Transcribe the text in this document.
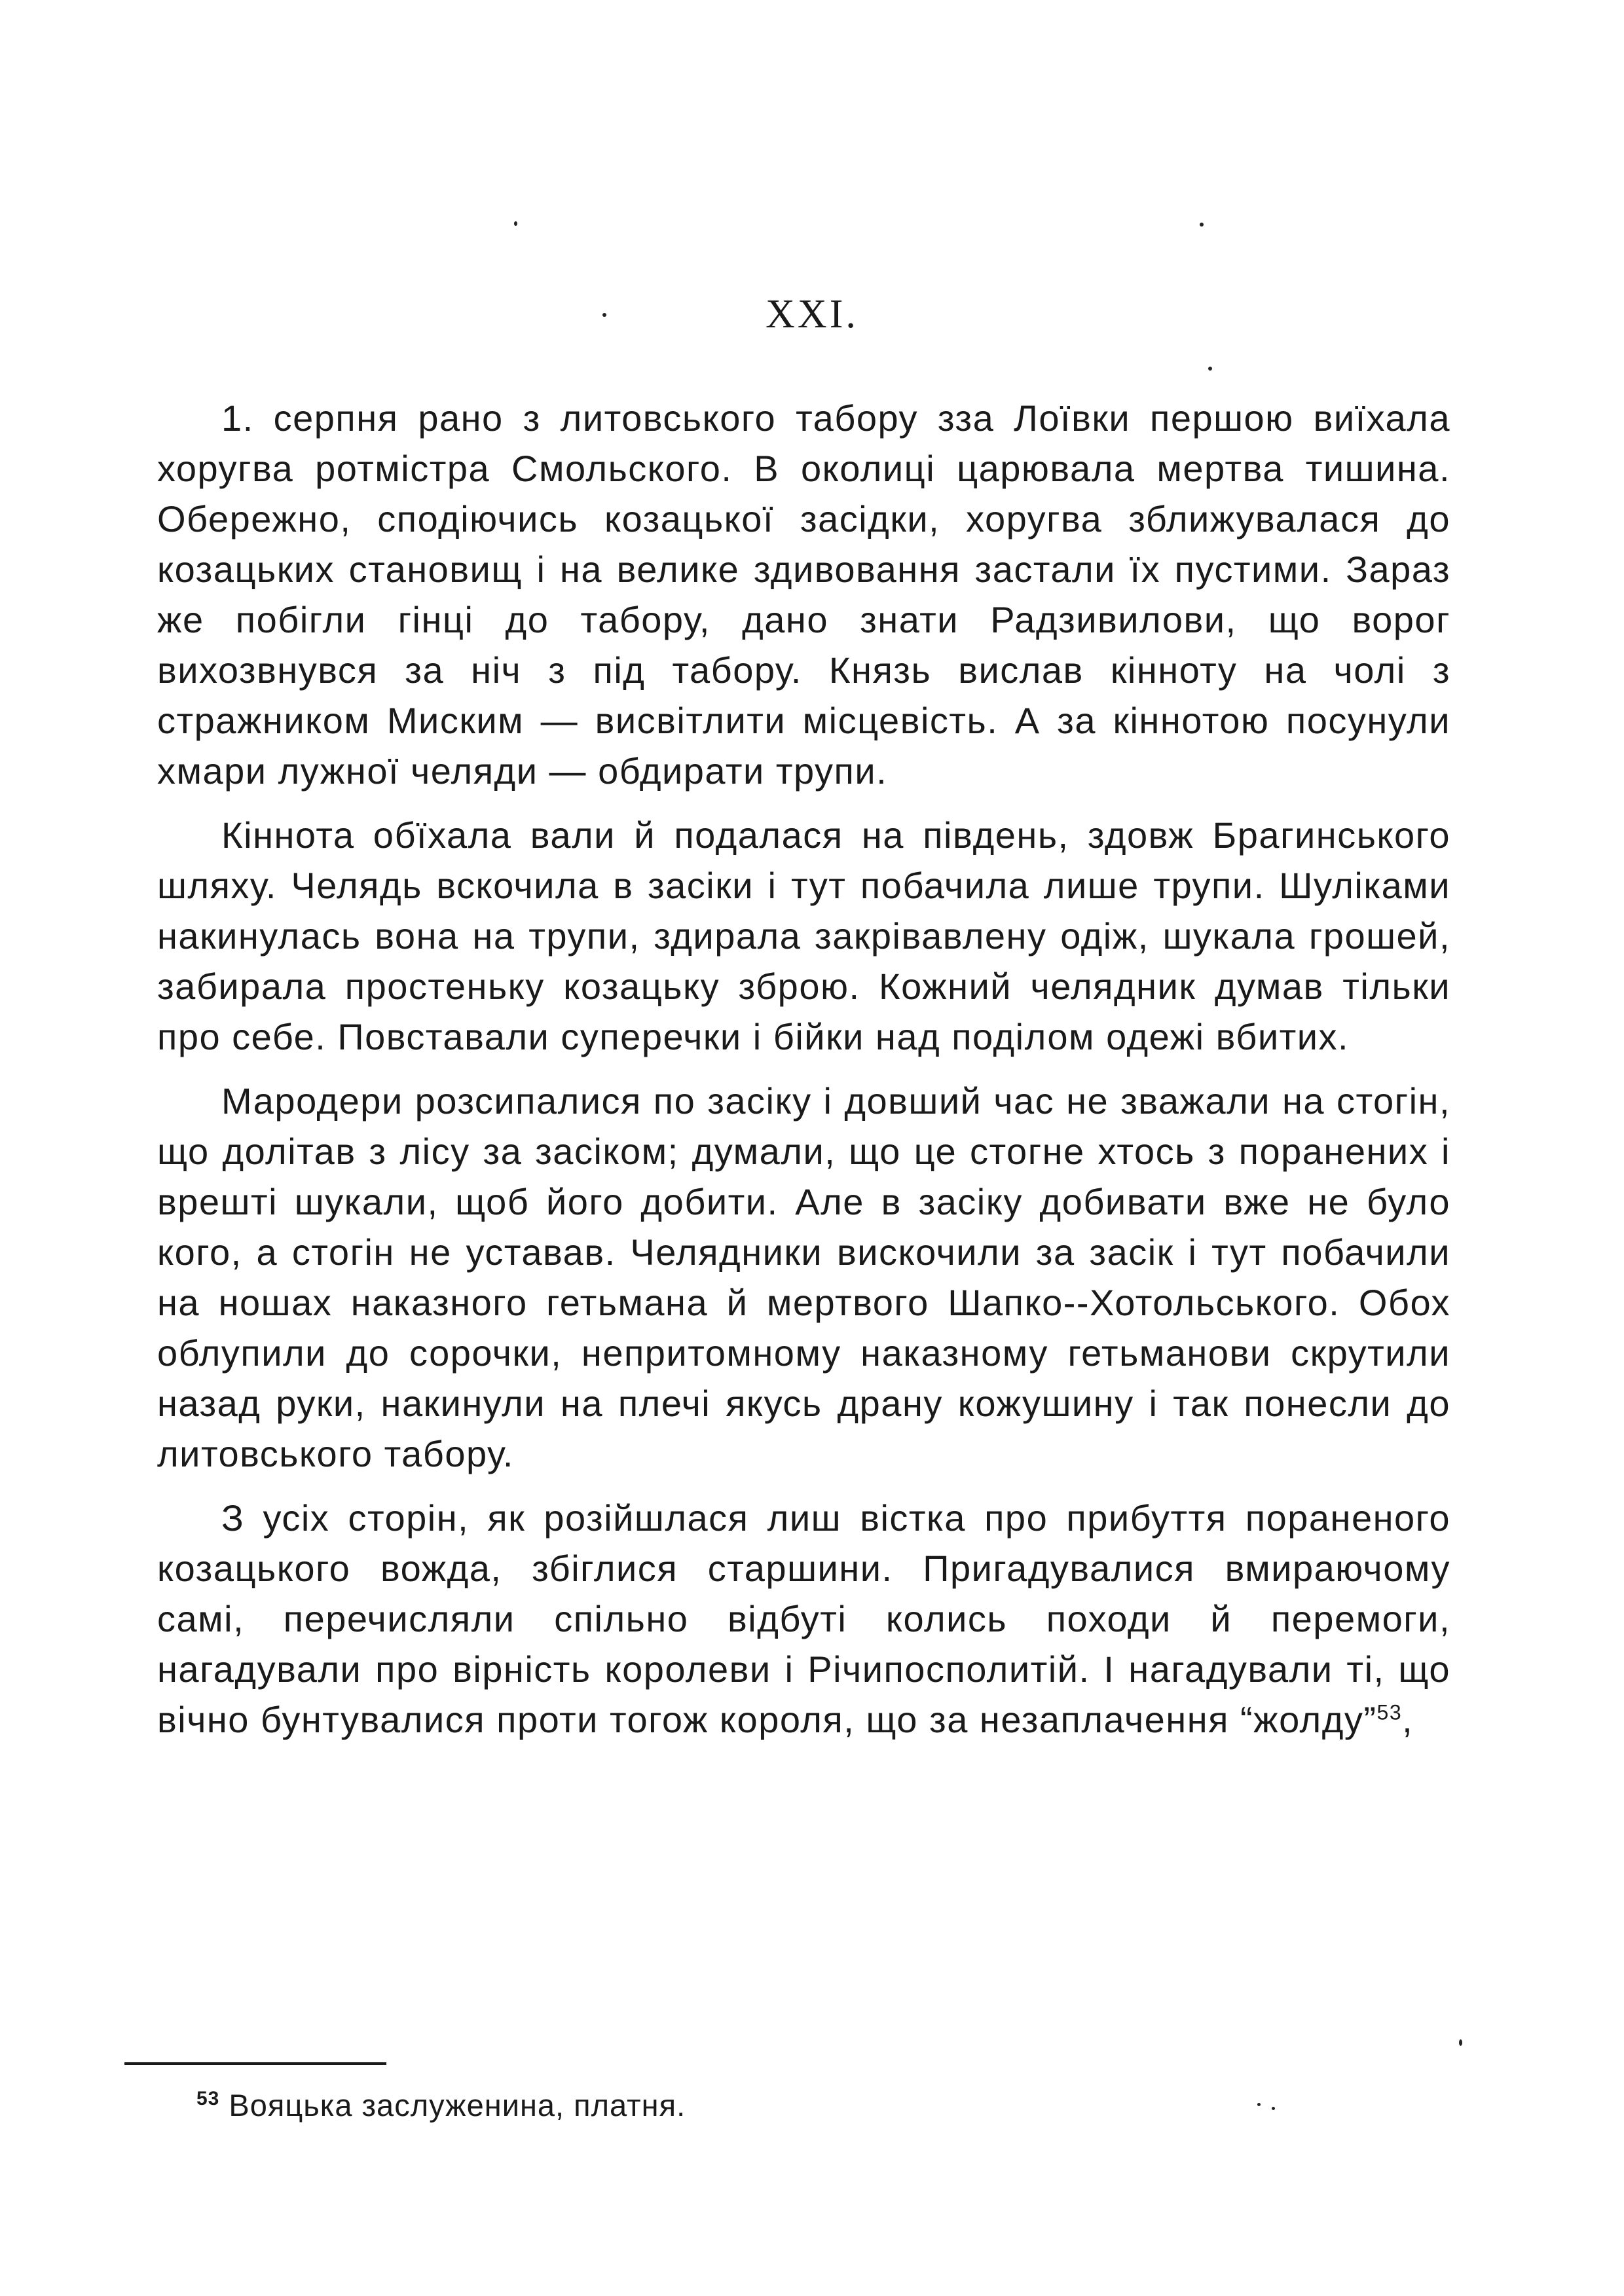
XXI.

1. серпня рано з литовського табору зза Лоївки першою виїхала хоругва ротмістра Смольского. В околиці царювала мертва тишина. Обережно, сподіючись козацької засідки, хоругва зближувалася до козацьких становищ і на велике здивовання застали їх пустими. Зараз же побігли гінці до табору, дано знати Радзивилови, що ворог вихозвнувся за ніч з під табору. Князь вислав кінноту на чолі з стражником Миским — висвітлити місцевість. А за кіннотою посунули хмари лужної челяди — обдирати трупи.

Кіннота обїхала вали й подалася на південь, здовж Брагинського шляху. Челядь вскочила в засіки і тут побачила лише трупи. Шуліками накинулась вона на трупи, здирала закрівавлену одіж, шукала грошей, забирала простеньку козацьку зброю. Кожний челядник думав тільки про себе. Повставали суперечки і бійки над поділом одежі вбитих.

Мародери розсипалися по засіку і довший час не зважали на стогін, що долітав з лісу за засіком; думали, що це стогне хтось з поранених і врешті шукали, щоб його добити. Але в засіку добивати вже не було кого, а стогін не уставав. Челядники вискочили за засік і тут побачили на ношах наказного гетьмана й мертвого Шапко--Хотольського. Обох облупили до сорочки, непритомному наказному гетьманови скрутили назад руки, накинули на плечі якусь драну кожушину і так понесли до литовського табору.

З усіх сторін, як розійшлася лиш вістка про прибуття пораненого козацького вожда, збіглися старшини. Пригадувалися вмираючому самі, перечисляли спільно відбуті колись походи й перемоги, нагадували про вірність королеви і Річипосполитій. І нагадували ті, що вічно бунтувалися проти тогож короля, що за незаплачення “жолду”$^{53}$,

$^{53}$ Вояцька заслуженина, платня.
